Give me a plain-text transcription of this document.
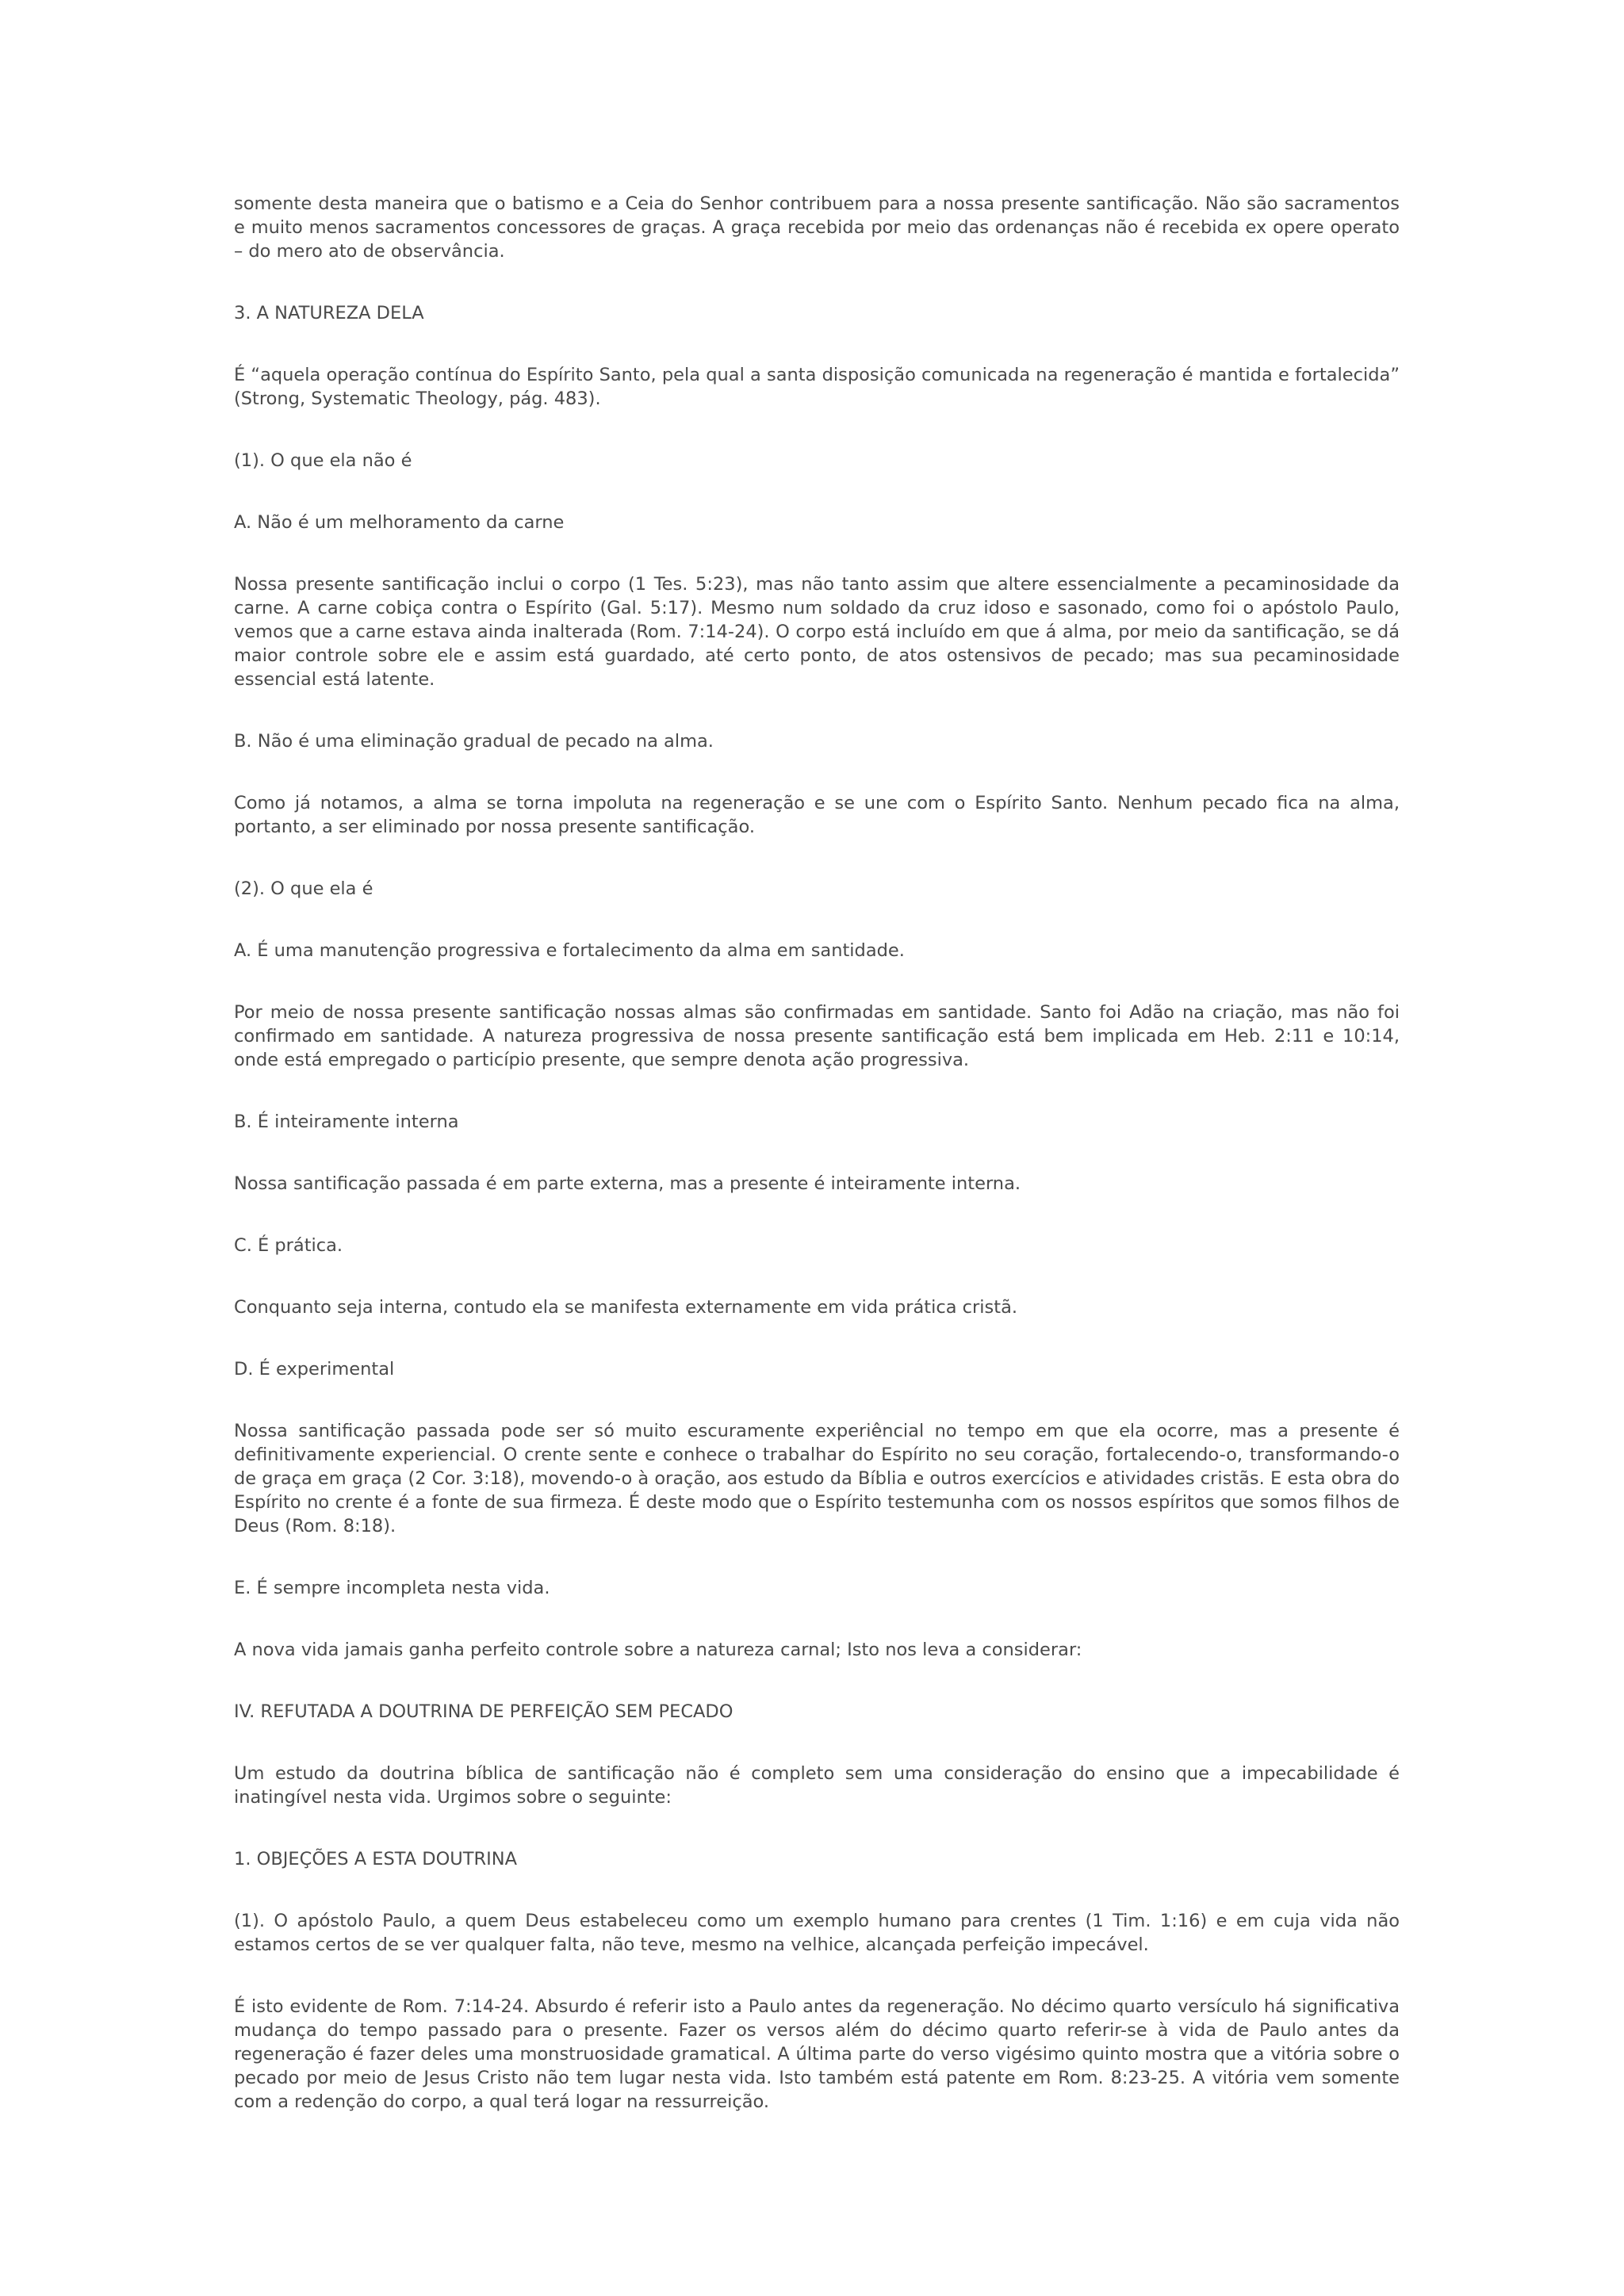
somente desta maneira que o batismo e a Ceia do Senhor contribuem para a nossa presente santificação. Não são sacramentos e muito menos sacramentos concessores de graças. A graça recebida por meio das ordenanças não é recebida ex opere operato – do mero ato de observância.

3. A NATUREZA DELA

É “aquela operação contínua do Espírito Santo, pela qual a santa disposição comunicada na regeneração é mantida e fortalecida” (Strong, Systematic Theology, pág. 483).

(1). O que ela não é

A. Não é um melhoramento da carne

Nossa presente santificação inclui o corpo (1 Tes. 5:23), mas não tanto assim que altere essencialmente a pecaminosidade da carne. A carne cobiça contra o Espírito (Gal. 5:17). Mesmo num soldado da cruz idoso e sasonado, como foi o apóstolo Paulo, vemos que a carne estava ainda inalterada (Rom. 7:14-24). O corpo está incluído em que á alma, por meio da santificação, se dá maior controle sobre ele e assim está guardado, até certo ponto, de atos ostensivos de pecado; mas sua pecaminosidade essencial está latente.

B. Não é uma eliminação gradual de pecado na alma.

Como já notamos, a alma se torna impoluta na regeneração e se une com o Espírito Santo. Nenhum pecado fica na alma, portanto, a ser eliminado por nossa presente santificação.

(2). O que ela é

A. É uma manutenção progressiva e fortalecimento da alma em santidade.

Por meio de nossa presente santificação nossas almas são confirmadas em santidade. Santo foi Adão na criação, mas não foi confirmado em santidade. A natureza progressiva de nossa presente santificação está bem implicada em Heb. 2:11 e 10:14, onde está empregado o particípio presente, que sempre denota ação progressiva.

B. É inteiramente interna

Nossa santificação passada é em parte externa, mas a presente é inteiramente interna.

C. É prática.

Conquanto seja interna, contudo ela se manifesta externamente em vida prática cristã.

D. É experimental

Nossa santificação passada pode ser só muito escuramente experiêncial no tempo em que ela ocorre, mas a presente é definitivamente experiencial. O crente sente e conhece o trabalhar do Espírito no seu coração, fortalecendo-o, transformando-o de graça em graça (2 Cor. 3:18), movendo-o à oração, aos estudo da Bíblia e outros exercícios e atividades cristãs. E esta obra do Espírito no crente é a fonte de sua firmeza. É deste modo que o Espírito testemunha com os nossos espíritos que somos filhos de Deus (Rom. 8:18).

E. É sempre incompleta nesta vida.

A nova vida jamais ganha perfeito controle sobre a natureza carnal; Isto nos leva a considerar:

IV. REFUTADA A DOUTRINA DE PERFEIÇÃO SEM PECADO

Um estudo da doutrina bíblica de santificação não é completo sem uma consideração do ensino que a impecabilidade é inatingível nesta vida. Urgimos sobre o seguinte:

1. OBJEÇÕES A ESTA DOUTRINA

(1). O apóstolo Paulo, a quem Deus estabeleceu como um exemplo humano para crentes (1 Tim. 1:16) e em cuja vida não estamos certos de se ver qualquer falta, não teve, mesmo na velhice, alcançada perfeição impecável.

É isto evidente de Rom. 7:14-24. Absurdo é referir isto a Paulo antes da regeneração. No décimo quarto versículo há significativa mudança do tempo passado para o presente. Fazer os versos além do décimo quarto referir-se à vida de Paulo antes da regeneração é fazer deles uma monstruosidade gramatical. A última parte do verso vigésimo quinto mostra que a vitória sobre o pecado por meio de Jesus Cristo não tem lugar nesta vida. Isto também está patente em Rom. 8:23-25. A vitória vem somente com a redenção do corpo, a qual terá logar na ressurreição.
